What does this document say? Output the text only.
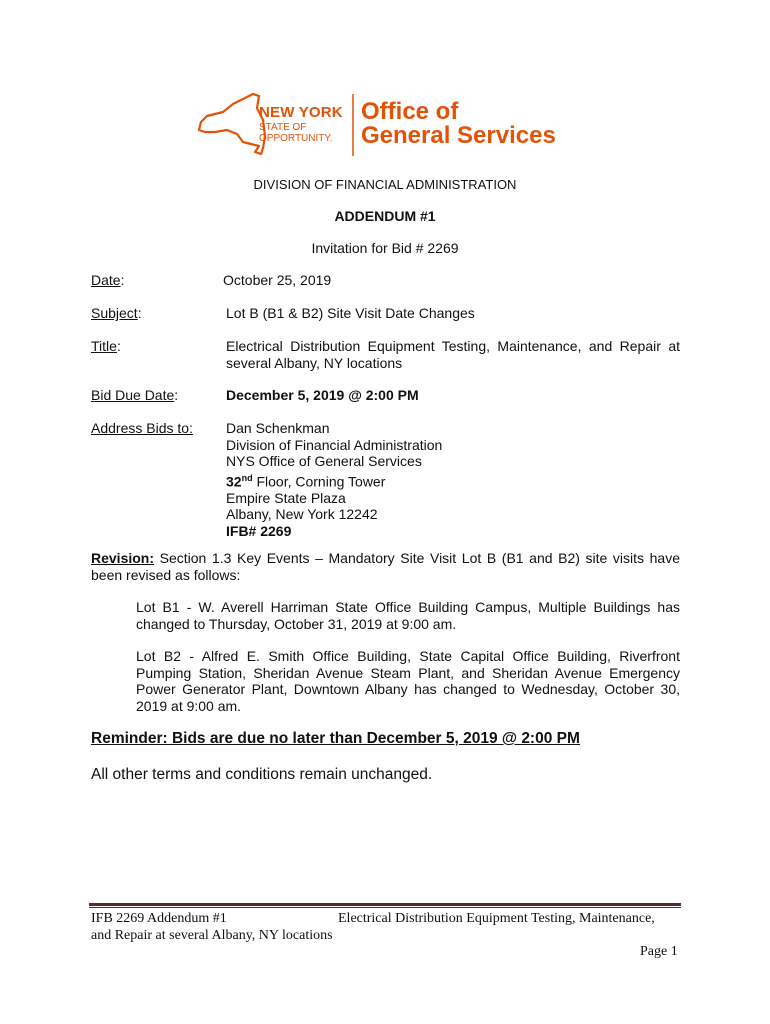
NEW YORK
STATE OF
OPPORTUNITY.
Office of
General Services
DIVISION OF FINANCIAL ADMINISTRATION
ADDENDUM #1
Invitation for Bid # 2269
Date:	October 25, 2019
Subject:	Lot B (B1 & B2) Site Visit Date Changes
Title:	Electrical Distribution Equipment Testing, Maintenance, and Repair at several Albany, NY locations
Bid Due Date:	December 5, 2019 @ 2:00 PM
Address Bids to: Dan Schenkman
Division of Financial Administration
NYS Office of General Services
32nd Floor, Corning Tower
Empire State Plaza
Albany, New York 12242
IFB# 2269
Revision: Section 1.3 Key Events – Mandatory Site Visit Lot B (B1 and B2) site visits have been revised as follows:
Lot B1 - W. Averell Harriman State Office Building Campus, Multiple Buildings has changed to Thursday, October 31, 2019 at 9:00 am.
Lot B2 - Alfred E. Smith Office Building, State Capital Office Building, Riverfront Pumping Station, Sheridan Avenue Steam Plant, and Sheridan Avenue Emergency Power Generator Plant, Downtown Albany has changed to Wednesday, October 30, 2019 at 9:00 am.
Reminder: Bids are due no later than December 5, 2019 @ 2:00 PM
All other terms and conditions remain unchanged.
IFB 2269 Addendum #1	Electrical Distribution Equipment Testing, Maintenance,
and Repair at several Albany, NY locations
Page 1
